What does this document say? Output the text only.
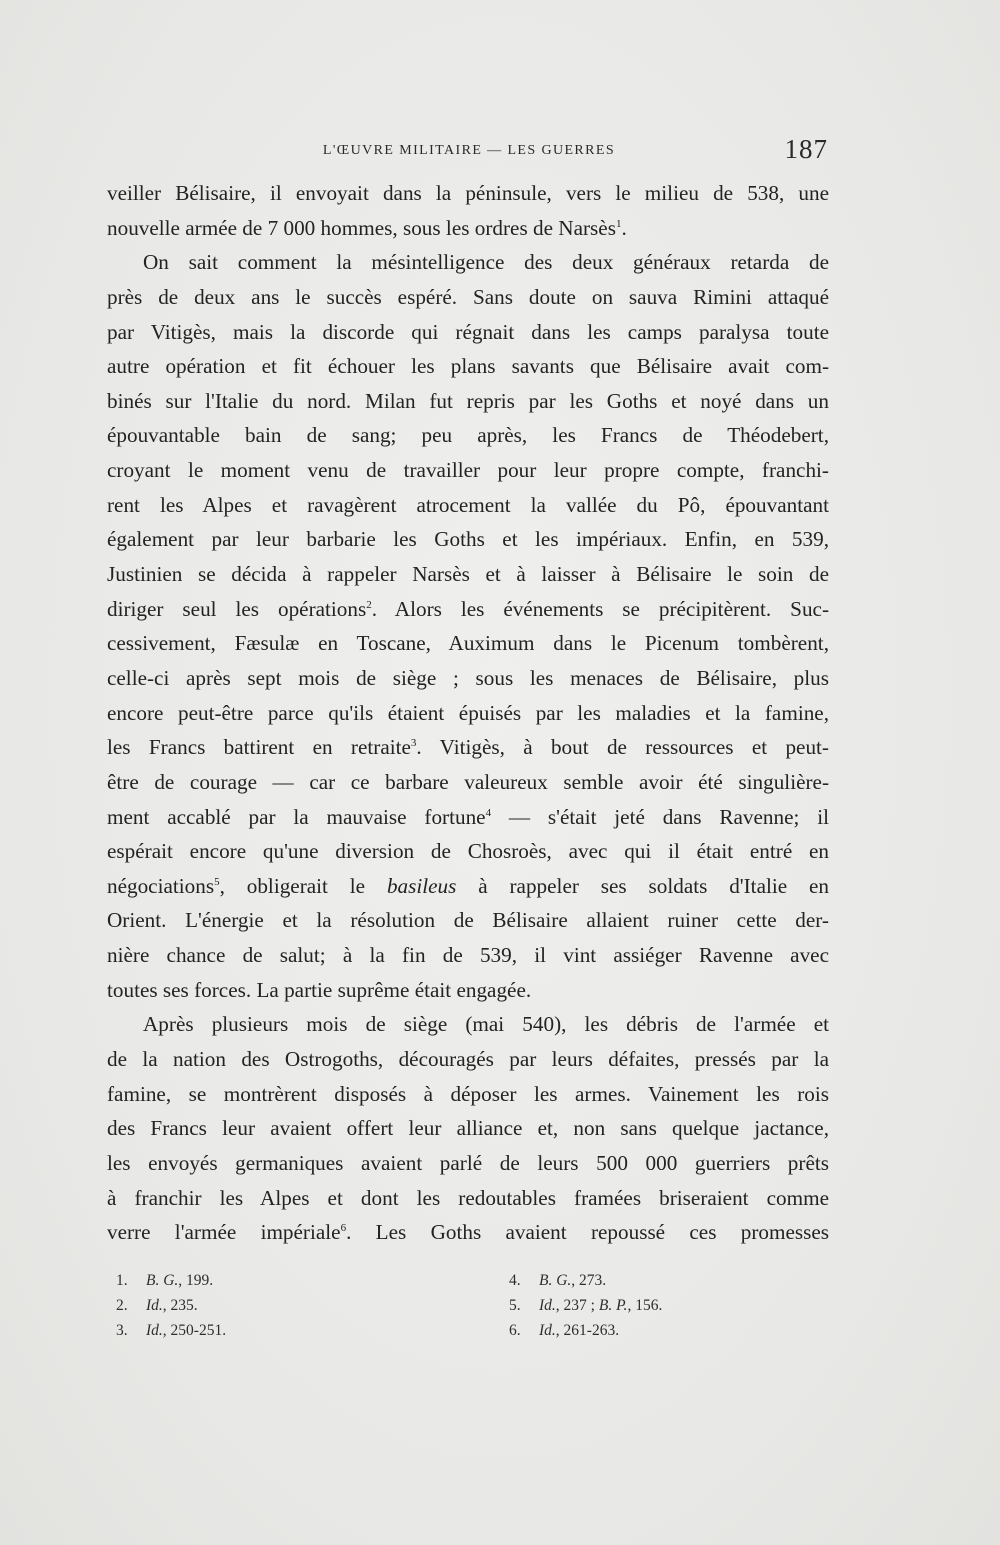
L'ŒUVRE MILITAIRE — LES GUERRES	187
veiller Bélisaire, il envoyait dans la péninsule, vers le milieu de 538, une
nouvelle armée de 7 000 hommes, sous les ordres de Narsès$^1$.
On sait comment la mésintelligence des deux généraux retarda de
près de deux ans le succès espéré. Sans doute on sauva Rimini attaqué
par Vitigès, mais la discorde qui régnait dans les camps paralysa toute
autre opération et fit échouer les plans savants que Bélisaire avait com-
binés sur l'Italie du nord. Milan fut repris par les Goths et noyé dans un
épouvantable bain de sang; peu après, les Francs de Théodebert,
croyant le moment venu de travailler pour leur propre compte, franchi-
rent les Alpes et ravagèrent atrocement la vallée du Pô, épouvantant
également par leur barbarie les Goths et les impériaux. Enfin, en 539,
Justinien se décida à rappeler Narsès et à laisser à Bélisaire le soin de
diriger seul les opérations$^2$. Alors les événements se précipitèrent. Suc-
cessivement, Fæsulæ en Toscane, Auximum dans le Picenum tombèrent,
celle-ci après sept mois de siège ; sous les menaces de Bélisaire, plus
encore peut-être parce qu'ils étaient épuisés par les maladies et la famine,
les Francs battirent en retraite$^3$. Vitigès, à bout de ressources et peut-
être de courage — car ce barbare valeureux semble avoir été singulière-
ment accablé par la mauvaise fortune$^4$ — s'était jeté dans Ravenne; il
espérait encore qu'une diversion de Chosroès, avec qui il était entré en
négociations$^5$, obligerait le basileus à rappeler ses soldats d'Italie en
Orient. L'énergie et la résolution de Bélisaire allaient ruiner cette der-
nière chance de salut; à la fin de 539, il vint assiéger Ravenne avec
toutes ses forces. La partie suprême était engagée.
Après plusieurs mois de siège (mai 540), les débris de l'armée et
de la nation des Ostrogoths, découragés par leurs défaites, pressés par la
famine, se montrèrent disposés à déposer les armes. Vainement les rois
des Francs leur avaient offert leur alliance et, non sans quelque jactance,
les envoyés germaniques avaient parlé de leurs 500 000 guerriers prêts
à franchir les Alpes et dont les redoutables framées briseraient comme
verre l'armée impériale$^6$. Les Goths avaient repoussé ces promesses
1. B. G., 199.
2. Id., 235.
3. Id., 250-251.
4. B. G., 273.
5. Id., 237 ; B. P., 156.
6. Id., 261-263.
